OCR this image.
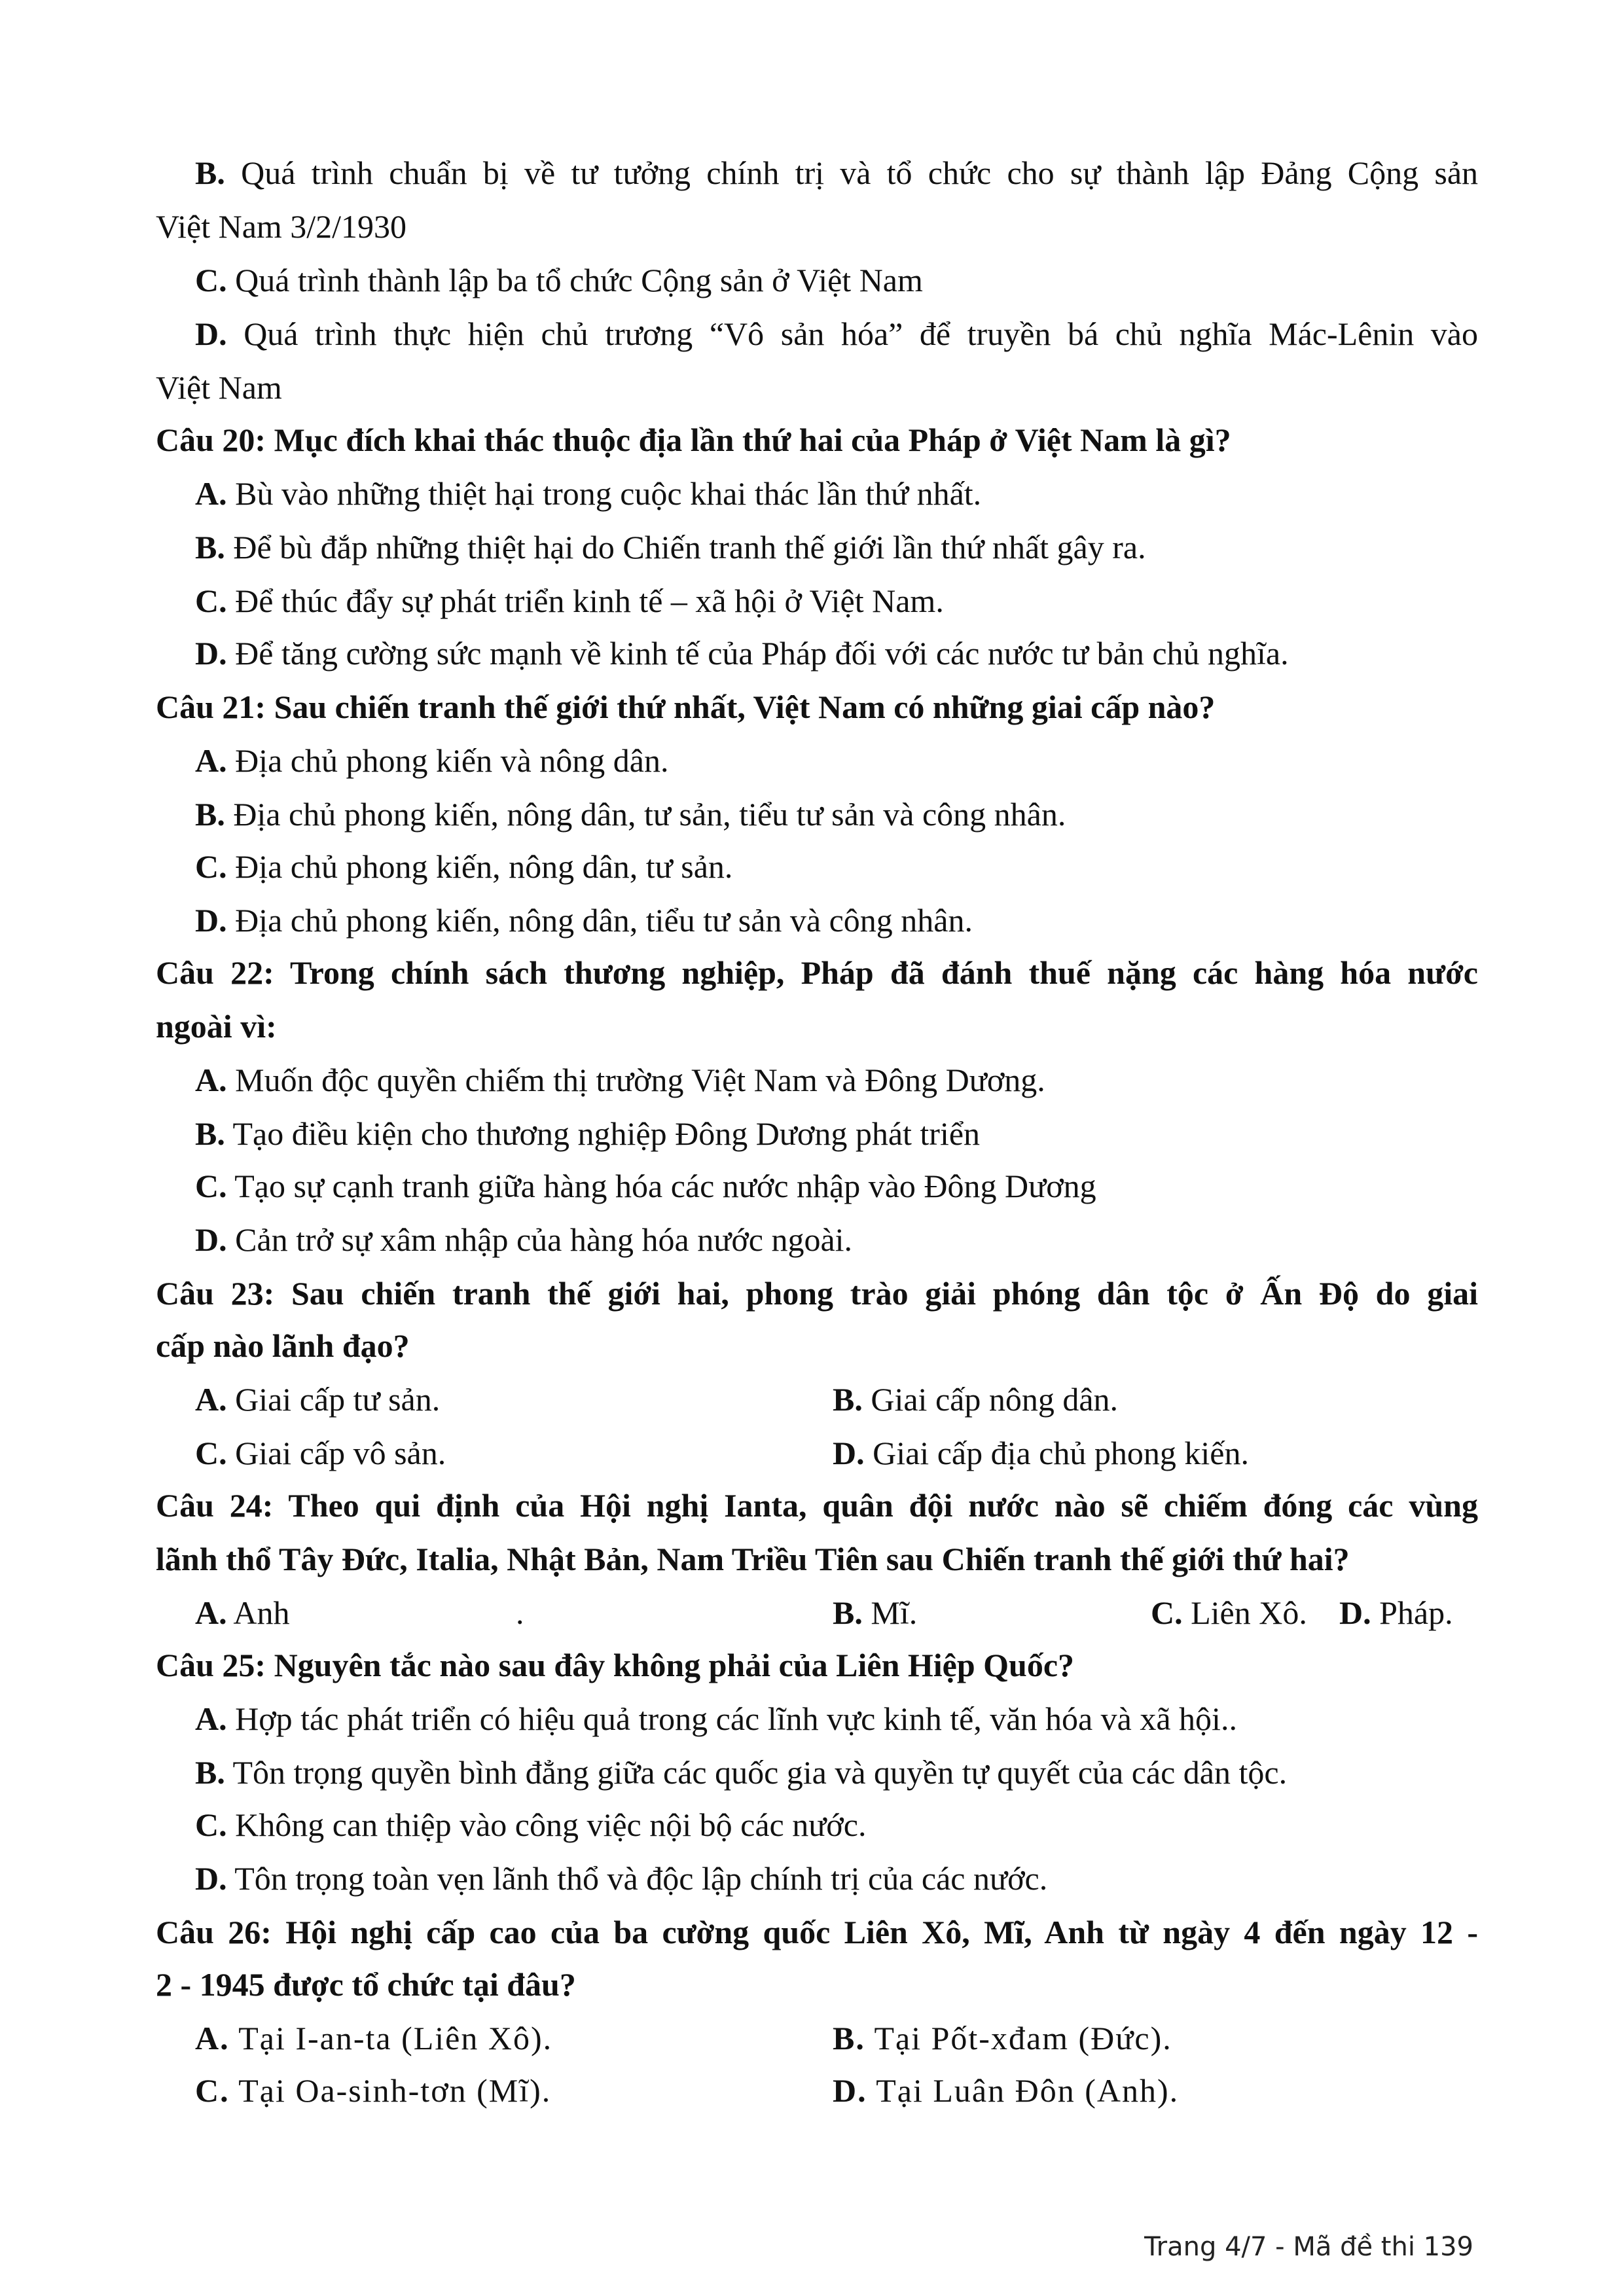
B. Quá trình chuẩn bị về tư tưởng chính trị và tổ chức cho sự thành lập Đảng Cộng sản
Việt Nam 3/2/1930
C. Quá trình thành lập ba tổ chức Cộng sản ở Việt Nam
D. Quá trình thực hiện chủ trương “Vô sản hóa” để truyền bá chủ nghĩa Mác-Lênin vào
Việt Nam
Câu 20: Mục đích khai thác thuộc địa lần thứ hai của Pháp ở Việt Nam là gì?
A. Bù vào những thiệt hại trong cuộc khai thác lần thứ nhất.
B. Để bù đắp những thiệt hại do Chiến tranh thế giới lần thứ nhất gây ra.
C. Để thúc đẩy sự phát triển kinh tế – xã hội ở Việt Nam.
D. Để tăng cường sức mạnh về kinh tế của Pháp đối với các nước tư bản chủ nghĩa.
Câu 21: Sau chiến tranh thế giới thứ nhất, Việt Nam có những giai cấp nào?
A. Địa chủ phong kiến và nông dân.
B. Địa chủ phong kiến, nông dân, tư sản, tiểu tư sản và công nhân.
C. Địa chủ phong kiến, nông dân, tư sản.
D. Địa chủ phong kiến, nông dân, tiểu tư sản và công nhân.
Câu 22: Trong chính sách thương nghiệp, Pháp đã đánh thuế nặng các hàng hóa nước
ngoài vì:
A. Muốn độc quyền chiếm thị trường Việt Nam và Đông Dương.
B. Tạo điều kiện cho thương nghiệp Đông Dương phát triển
C. Tạo sự cạnh tranh giữa hàng hóa các nước nhập vào Đông Dương
D. Cản trở sự xâm nhập của hàng hóa nước ngoài.
Câu 23: Sau chiến tranh thế giới hai, phong trào giải phóng dân tộc ở Ấn Độ do giai
cấp nào lãnh đạo?
A. Giai cấp tư sản.	B. Giai cấp nông dân.
C. Giai cấp vô sản.	D. Giai cấp địa chủ phong kiến.
Câu 24: Theo qui định của Hội nghị Ianta, quân đội nước nào sẽ chiếm đóng các vùng
lãnh thổ Tây Đức, Italia, Nhật Bản, Nam Triều Tiên sau Chiến tranh thế giới thứ hai?
A. Anh	.	B. Mĩ.	C. Liên Xô. D. Pháp.
Câu 25: Nguyên tắc nào sau đây không phải của Liên Hiệp Quốc?
A. Hợp tác phát triển có hiệu quả trong các lĩnh vực kinh tế, văn hóa và xã hội..
B. Tôn trọng quyền bình đẳng giữa các quốc gia và quyền tự quyết của các dân tộc.
C. Không can thiệp vào công việc nội bộ các nước.
D. Tôn trọng toàn vẹn lãnh thổ và độc lập chính trị của các nước.
Câu 26: Hội nghị cấp cao của ba cường quốc Liên Xô, Mĩ, Anh từ ngày 4 đến ngày 12 -
2 - 1945 được tổ chức tại đâu?
A. Tại I-an-ta (Liên Xô).	B. Tại Pốt-xđam (Đức).
C. Tại Oa-sinh-tơn (Mĩ).	D. Tại Luân Đôn (Anh).
Trang 4/7 - Mã đề thi 139
